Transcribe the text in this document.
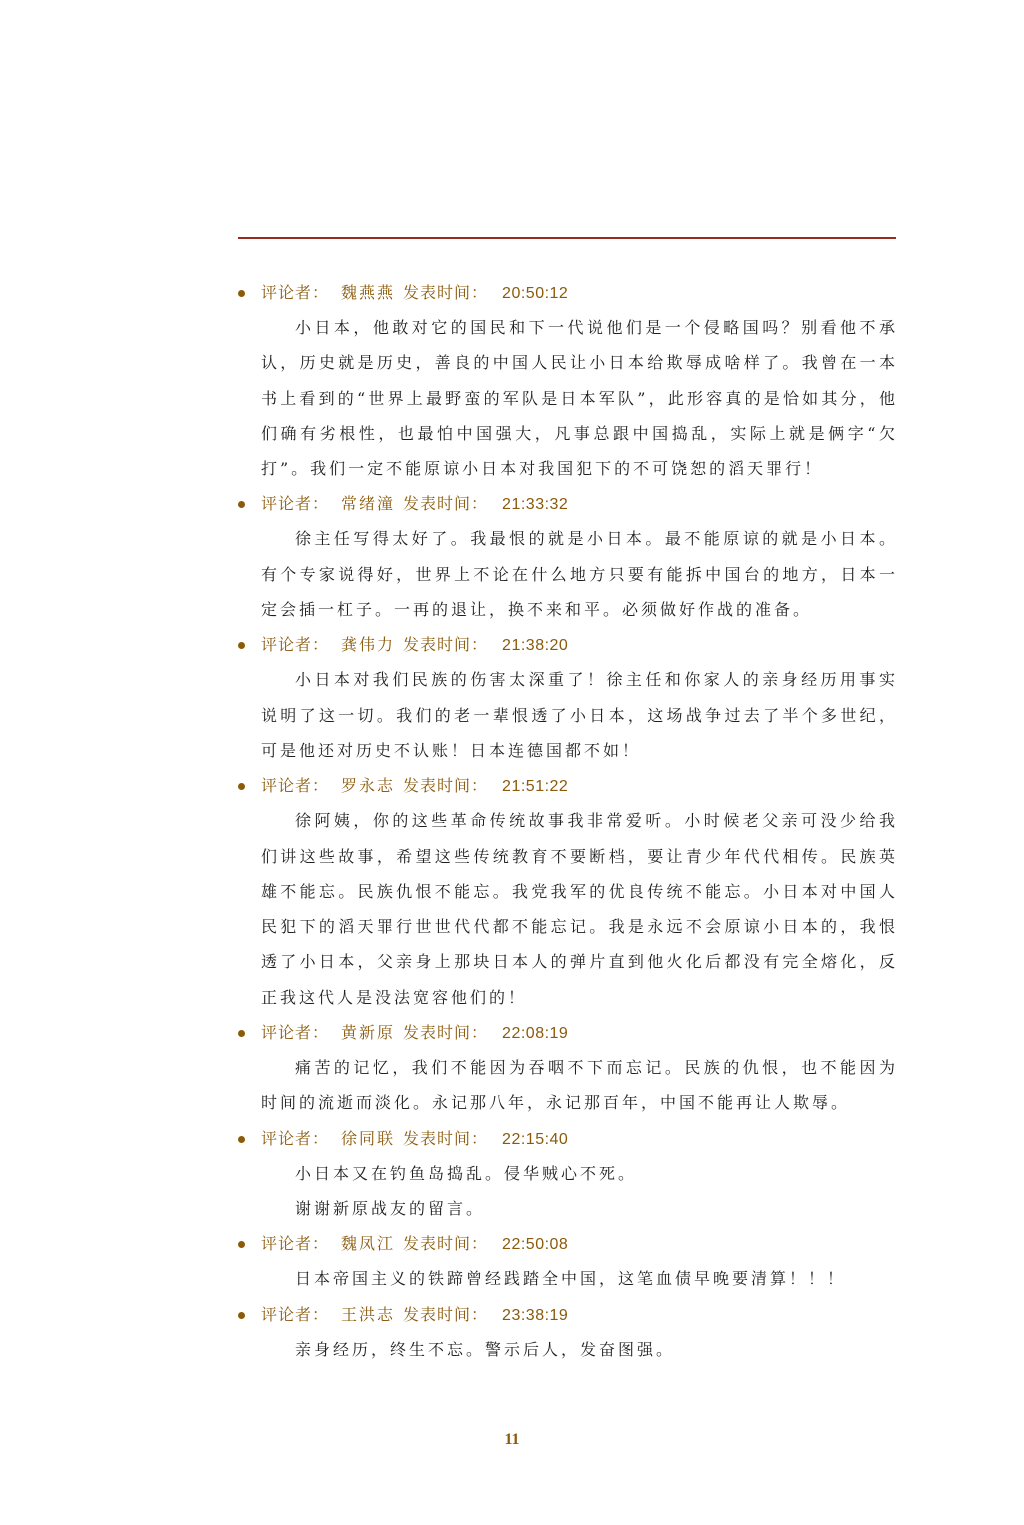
评论者： 魏燕燕 发表时间： 20:50:12

小日本，他敢对它的国民和下一代说他们是一个侵略国吗？别看他不承认，历史就是历史，善良的中国人民让小日本给欺辱成啥样了。我曾在一本书上看到的“世界上最野蛮的军队是日本军队”，此形容真的是恰如其分，他们确有劣根性，也最怕中国强大，凡事总跟中国捣乱，实际上就是俩字“欠打”。我们一定不能原谅小日本对我国犯下的不可饶恕的滔天罪行！

评论者： 常绪潼 发表时间： 21:33:32

徐主任写得太好了。我最恨的就是小日本。最不能原谅的就是小日本。有个专家说得好，世界上不论在什么地方只要有能拆中国台的地方，日本一定会插一杠子。一再的退让，换不来和平。必须做好作战的准备。

评论者： 龚伟力 发表时间： 21:38:20

小日本对我们民族的伤害太深重了！徐主任和你家人的亲身经历用事实说明了这一切。我们的老一辈恨透了小日本，这场战争过去了半个多世纪，可是他还对历史不认账！日本连德国都不如！

评论者： 罗永志 发表时间： 21:51:22

徐阿姨，你的这些革命传统故事我非常爱听。小时候老父亲可没少给我们讲这些故事，希望这些传统教育不要断档，要让青少年代代相传。民族英雄不能忘。民族仇恨不能忘。我党我军的优良传统不能忘。小日本对中国人民犯下的滔天罪行世世代代都不能忘记。我是永远不会原谅小日本的，我恨透了小日本，父亲身上那块日本人的弹片直到他火化后都没有完全熔化，反正我这代人是没法宽容他们的！

评论者： 黄新原 发表时间： 22:08:19

痛苦的记忆，我们不能因为吞咽不下而忘记。民族的仇恨，也不能因为时间的流逝而淡化。永记那八年，永记那百年，中国不能再让人欺辱。

评论者： 徐同联 发表时间： 22:15:40

小日本又在钓鱼岛捣乱。侵华贼心不死。

谢谢新原战友的留言。

评论者： 魏凤江 发表时间： 22:50:08

日本帝国主义的铁蹄曾经践踏全中国，这笔血债早晚要清算！！！

评论者： 王洪志 发表时间： 23:38:19

亲身经历，终生不忘。警示后人，发奋图强。

11
